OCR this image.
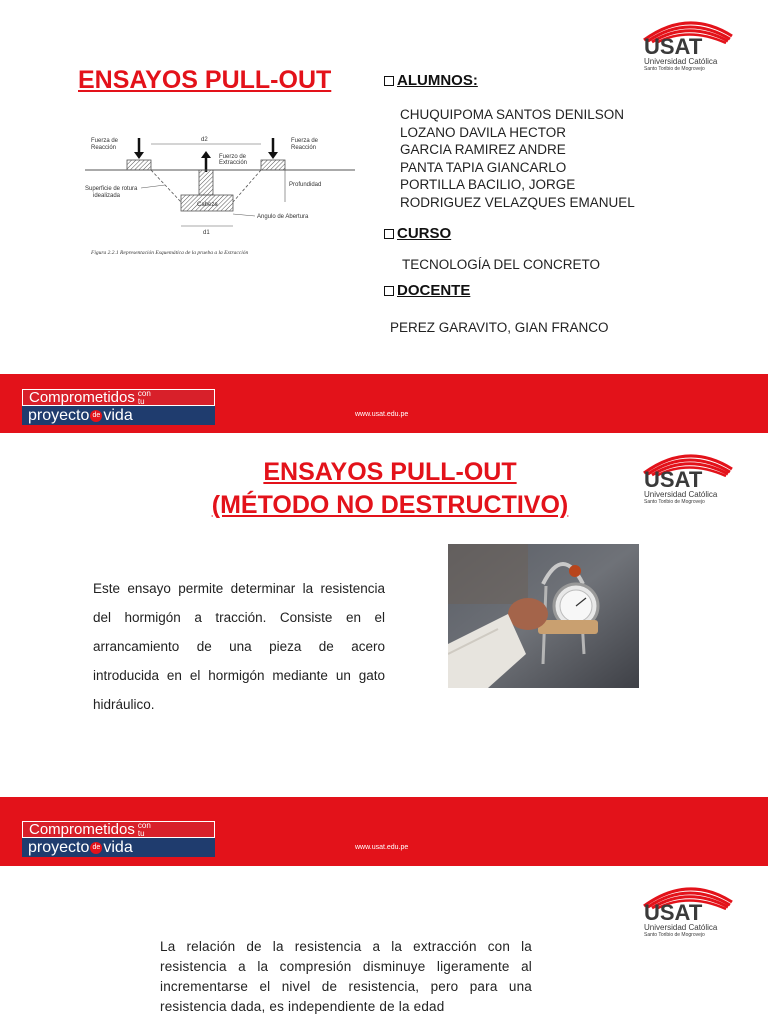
ENSAYOS PULL-OUT
USAT
Universidad Católica
Santo Toribio de Mogrovejo
Cabeza
d2
d1
Profundidad
Fuerza de
Reacción
Fuerza de
Reacción
Fuerzo de
Extracción
Superficie de rotura
idealizada
Angulo de Abertura
Figura 2.2.1 Representación Esquemática de la prueba a la Extracción
ALUMNOS:
CHUQUIPOMA SANTOS DENILSON
LOZANO DAVILA HECTOR
GARCIA RAMIREZ ANDRE
PANTA TAPIA GIANCARLO
PORTILLA BACILIO, JORGE
RODRIGUEZ VELAZQUES EMANUEL
CURSO
TECNOLOGÍA DEL CONCRETO
DOCENTE
PEREZ GARAVITO, GIAN FRANCO
Comprometidos con
tu
proyecto de vida	www.usat.edu.pe
ENSAYOS PULL-OUT
(MÉTODO NO DESTRUCTIVO)
USAT
Universidad Católica
Santo Toribio de Mogrovejo
Este ensayo permite determinar la resistencia del hormigón a tracción. Consiste en el arrancamiento de una pieza de acero introducida en el hormigón mediante un gato hidráulico.
Comprometidos con
tu
proyecto de vida	www.usat.edu.pe
USAT
Universidad Católica
Santo Toribio de Mogrovejo
La relación de la resistencia a la extracción con la resistencia a la compresión disminuye ligeramente al incrementarse el nivel de resistencia, pero para una resistencia dada, es independiente de la edad
